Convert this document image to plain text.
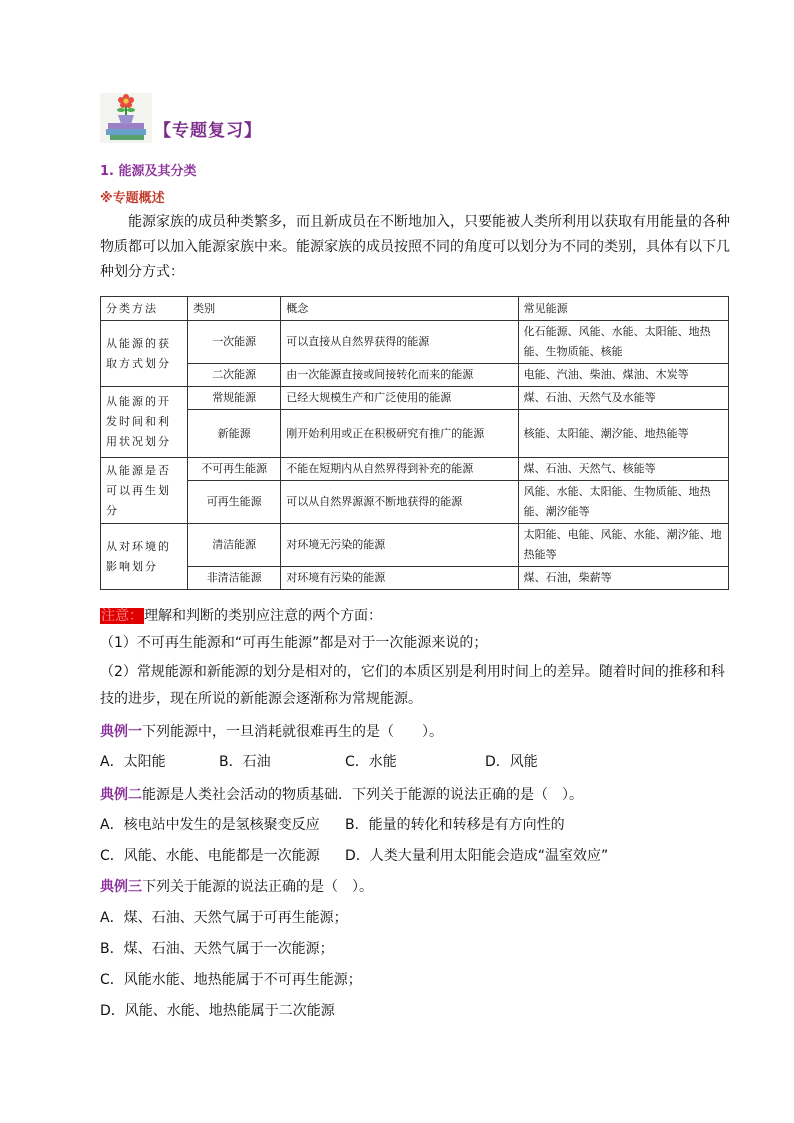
【专题复习】
1. 能源及其分类
※专题概述
能源家族的成员种类繁多，而且新成员在不断地加入，只要能被人类所利用以获取有用能量的各种物质都可以加入能源家族中来。能源家族的成员按照不同的角度可以划分为不同的类别，具体有以下几种划分方式：
分类方法	类别	概念	常见能源
从能源的获取方式划分	一次能源	可以直接从自然界获得的能源	化石能源、风能、水能、太阳能、地热能、生物质能、核能
	二次能源	由一次能源直接或间接转化而来的能源	电能、汽油、柴油、煤油、木炭等
从能源的开发时间和利用状况划分	常规能源	已经大规模生产和广泛使用的能源	煤、石油、天然气及水能等
	新能源	刚开始利用或正在积极研究有推广的能源	核能、太阳能、潮汐能、地热能等
从能源是否可以再生划分	不可再生能源	不能在短期内从自然界得到补充的能源	煤、石油、天然气、核能等
	可再生能源	可以从自然界源源不断地获得的能源	风能、水能、太阳能、生物质能、地热能、潮汐能等
从对环境的影响划分	清洁能源	对环境无污染的能源	太阳能、电能、风能、水能、潮汐能、地热能等
	非清洁能源	对环境有污染的能源	煤、石油，柴薪等
注意：理解和判断的类别应注意的两个方面：
（1）不可再生能源和“可再生能源”都是对于一次能源来说的；
（2）常规能源和新能源的划分是相对的，它们的本质区别是利用时间上的差异。随着时间的推移和科技的进步，现在所说的新能源会逐渐称为常规能源。
典例一下列能源中，一旦消耗就很难再生的是（　　）。
A．太阳能	B．石油	C．水能	D．风能
典例二能源是人类社会活动的物质基础．下列关于能源的说法正确的是（　）。
A．核电站中发生的是氢核聚变反应 B．能量的转化和转移是有方向性的
C．风能、水能、电能都是一次能源 D．人类大量利用太阳能会造成“温室效应”
典例三下列关于能源的说法正确的是（　）。
A．煤、石油、天然气属于可再生能源；
B．煤、石油、天然气属于一次能源；
C．风能水能、地热能属于不可再生能源；
D．风能、水能、地热能属于二次能源
